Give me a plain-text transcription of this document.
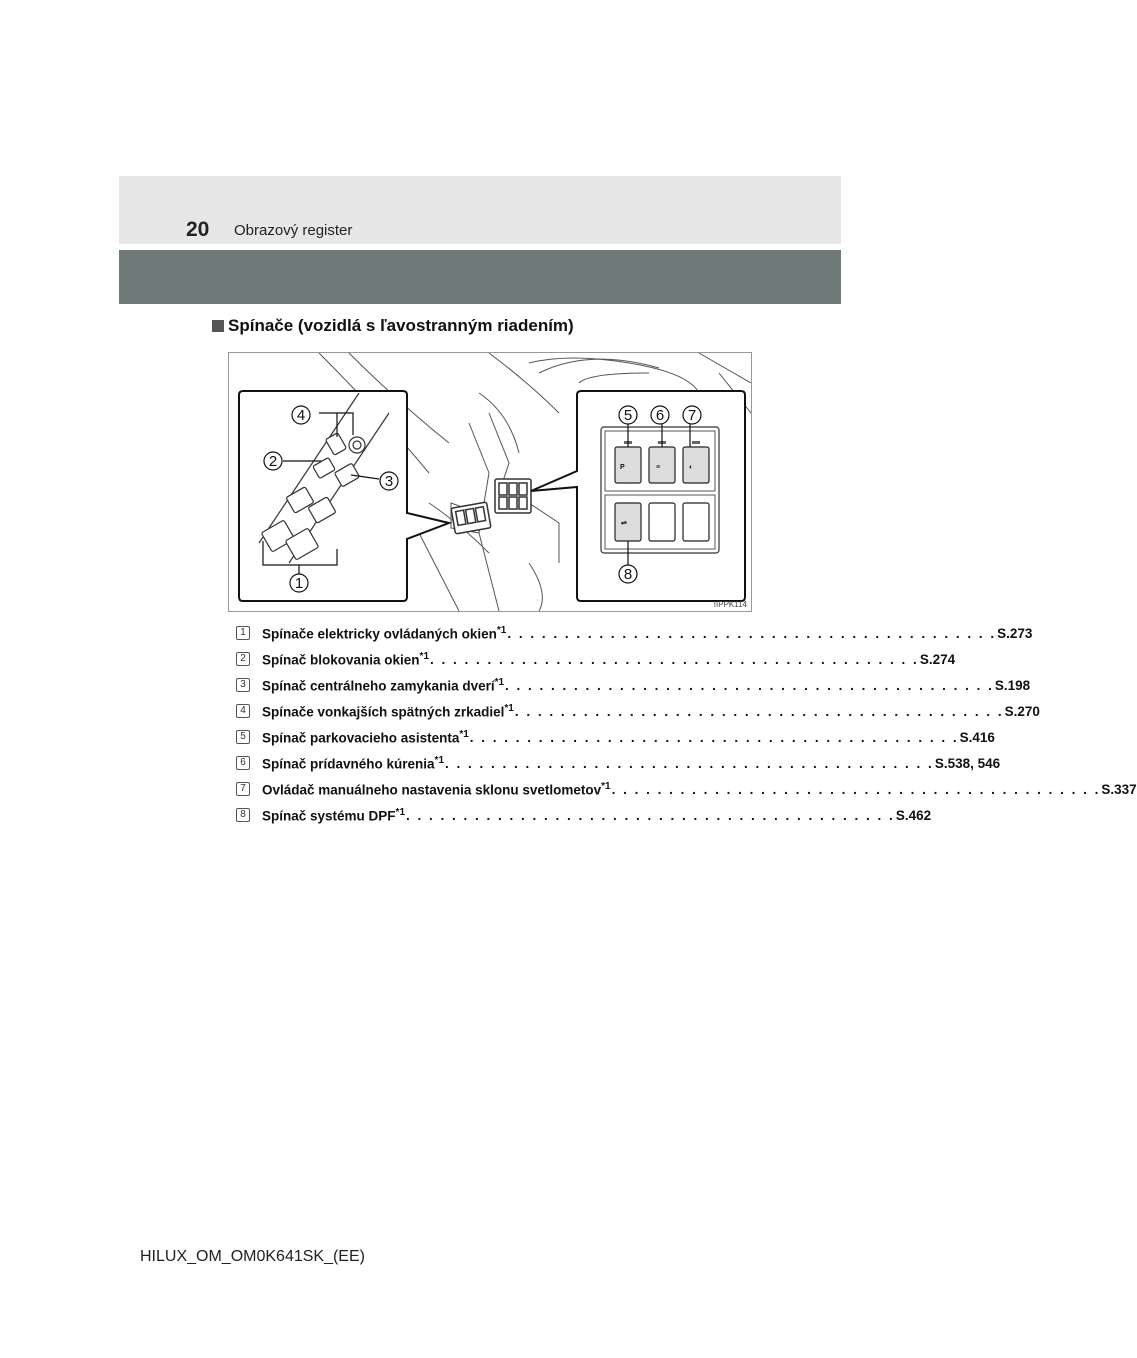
20 Obrazový register
Spínače (vozidlá s ľavostranným riadením)
1
2
3
4
P	≡	◐
⇌
5 6 7
8
IIPPK114
1	Spínače elektricky ovládaných okien$^{*1}$ . . . . . . . . . . . . . . . . . . . . . . . . . . . . . . . . . . . . . . . . . . . S.273
2	Spínač blokovania okien$^{*1}$ . . . . . . . . . . . . . . . . . . . . . . . . . . . . . . . . . . . . . . . . . . . S.274
3	Spínač centrálneho zamykania dverí$^{*1}$ . . . . . . . . . . . . . . . . . . . . . . . . . . . . . . . . . . . . . . . . . . . S.198
4	Spínače vonkajších spätných zrkadiel$^{*1}$ . . . . . . . . . . . . . . . . . . . . . . . . . . . . . . . . . . . . . . . . . . . S.270
5	Spínač parkovacieho asistenta$^{*1}$ . . . . . . . . . . . . . . . . . . . . . . . . . . . . . . . . . . . . . . . . . . . S.416
6	Spínač prídavného kúrenia$^{*1}$ . . . . . . . . . . . . . . . . . . . . . . . . . . . . . . . . . . . . . . . . . . . S.538, 546
7	Ovládač manuálneho nastavenia sklonu svetlometov$^{*1}$ . . . . . . . . . . . . . . . . . . . . . . . . . . . . . . . . . . . . . . . . . . . S.337
8	Spínač systému DPF$^{*1}$ . . . . . . . . . . . . . . . . . . . . . . . . . . . . . . . . . . . . . . . . . . . S.462
HILUX_OM_OM0K641SK_(EE)
